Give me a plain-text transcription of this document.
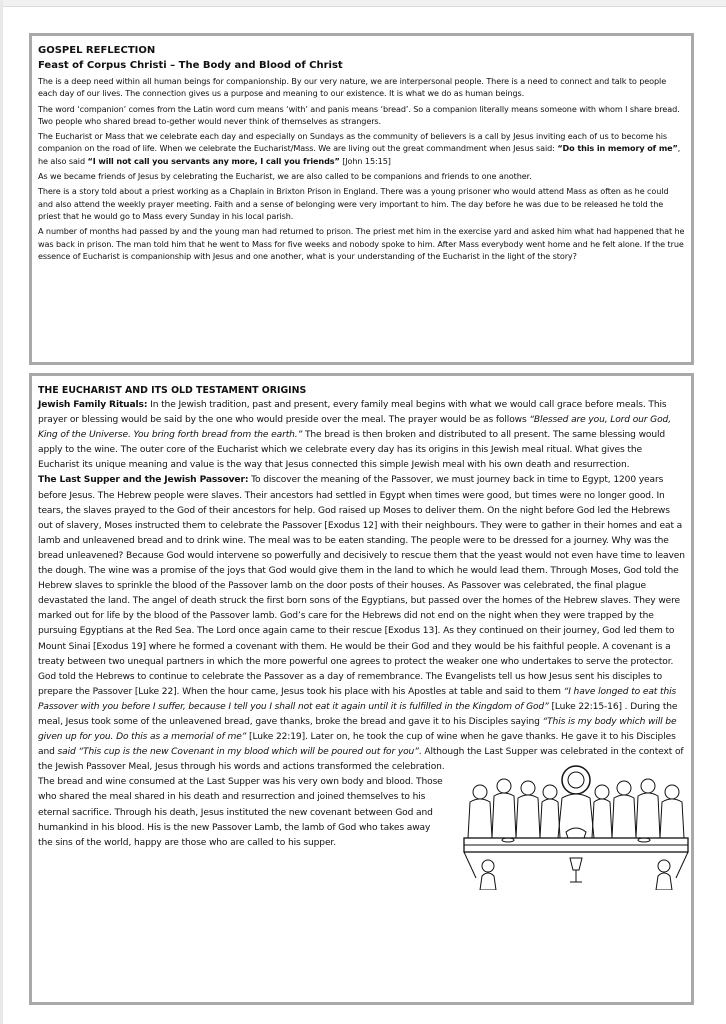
GOSPEL REFLECTION
Feast of Corpus Christi – The Body and Blood of Christ

The is a deep need within all human beings for companionship. By our very nature, we are interpersonal people. There is a need to connect and talk to people each day of our lives. The connection gives us a purpose and meaning to our existence. It is what we do as human beings.

The word ‘companion’ comes from the Latin word cum means ‘with’ and panis means ‘bread’. So a companion literally means someone with whom I share bread. Two people who shared bread to-gether would never think of themselves as strangers.

The Eucharist or Mass that we celebrate each day and especially on Sundays as the community of believers is a call by Jesus inviting each of us to become his companion on the road of life. When we celebrate the Eucharist/Mass. We are living out the great commandment when Jesus said: “Do this in memory of me”, he also said “I will not call you servants any more, I call you friends” [John 15:15]

As we became friends of Jesus by celebrating the Eucharist, we are also called to be companions and friends to one another.

There is a story told about a priest working as a Chaplain in Brixton Prison in England. There was a young prisoner who would attend Mass as often as he could and also attend the weekly prayer meeting. Faith and a sense of belonging were very important to him. The day before he was due to be released he told the priest that he would go to Mass every Sunday in his local parish.

A number of months had passed by and the young man had returned to prison. The priest met him in the exercise yard and asked him what had happened that he was back in prison. The man told him that he went to Mass for five weeks and nobody spoke to him. After Mass everybody went home and he felt alone. If the true essence of Eucharist is companionship with Jesus and one another, what is your understanding of the Eucharist in the light of the story?

THE EUCHARIST AND ITS OLD TESTAMENT ORIGINS

Jewish Family Rituals: In the Jewish tradition, past and present, every family meal begins with what we would call grace before meals. This prayer or blessing would be said by the one who would preside over the meal. The prayer would be as follows “Blessed are you, Lord our God, King of the Universe. You bring forth bread from the earth.” The bread is then broken and distributed to all present. The same blessing would apply to the wine. The outer core of the Eucharist which we celebrate every day has its origins in this Jewish meal ritual. What gives the Eucharist its unique meaning and value is the way that Jesus connected this simple Jewish meal with his own death and resurrection.

The Last Supper and the Jewish Passover: To discover the meaning of the Passover, we must journey back in time to Egypt, 1200 years before Jesus. The Hebrew people were slaves. Their ancestors had settled in Egypt when times were good, but times were no longer good. In tears, the slaves prayed to the God of their ancestors for help. God raised up Moses to deliver them. On the night before God led the Hebrews out of slavery, Moses instructed them to celebrate the Passover [Exodus 12] with their neighbours. They were to gather in their homes and eat a lamb and unleavened bread and to drink wine. The meal was to be eaten standing. The people were to be dressed for a journey. Why was the bread unleavened? Because God would intervene so powerfully and decisively to rescue them that the yeast would not even have time to leaven the dough. The wine was a promise of the joys that God would give them in the land to which he would lead them. Through Moses, God told the Hebrew slaves to sprinkle the blood of the Passover lamb on the door posts of their houses. As Passover was celebrated, the final plague devastated the land. The angel of death struck the first born sons of the Egyptians, but passed over the homes of the Hebrew slaves. They were marked out for life by the blood of the Passover lamb. God’s care for the Hebrews did not end on the night when they were trapped by the pursuing Egyptians at the Red Sea. The Lord once again came to their rescue [Exodus 13]. As they continued on their journey, God led them to Mount Sinai [Exodus 19] where he formed a covenant with them. He would be their God and they would be his faithful people. A covenant is a treaty between two unequal partners in which the more powerful one agrees to protect the weaker one who undertakes to serve the protector. God told the Hebrews to continue to celebrate the Passover as a day of remembrance. The Evangelists tell us how Jesus sent his disciples to prepare the Passover [Luke 22]. When the hour came, Jesus took his place with his Apostles at table and said to them “I have longed to eat this Passover with you before I suffer, because I tell you I shall not eat it again until it is fulfilled in the Kingdom of God” [Luke 22:15-16] . During the meal, Jesus took some of the unleavened bread, gave thanks, broke the bread and gave it to his Disciples saying “This is my body which will be given up for you. Do this as a memorial of me” [Luke 22:19]. Later on, he took the cup of wine when he gave thanks. He gave it to his Disciples and said “This cup is the new Covenant in my blood which will be poured out for you”. Although the Last Supper was celebrated in the context of

the Jewish Passover Meal, Jesus through his words and actions transformed the celebration. The bread and wine consumed at the Last Supper was his very own body and blood. Those who shared the meal shared in his death and resurrection and joined themselves to his eternal sacrifice. Through his death, Jesus instituted the new covenant between God and humankind in his blood. His is the new Passover Lamb, the lamb of God who takes away the sins of the world, happy are those who are called to his supper.
